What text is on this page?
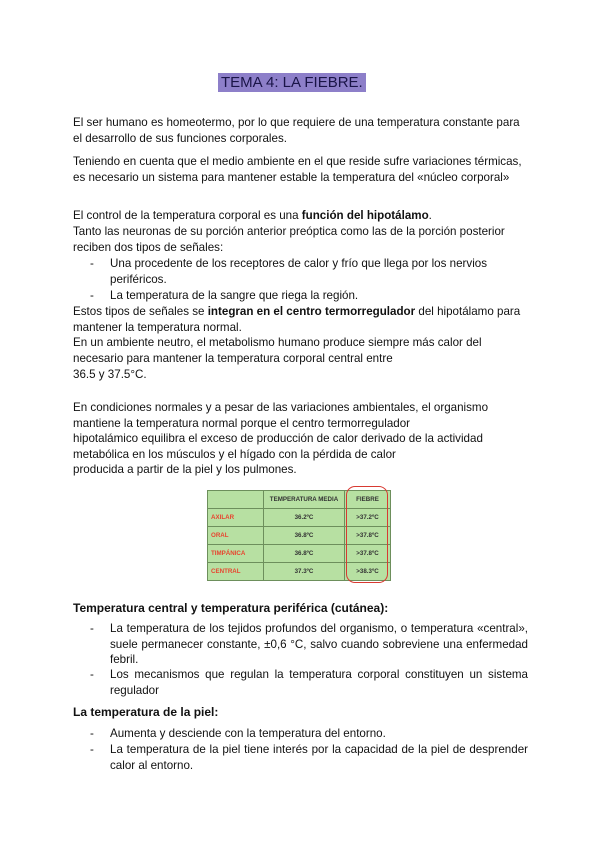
TEMA 4: LA FIEBRE.

El ser humano es homeotermo, por lo que requiere de una temperatura constante para el desarrollo de sus funciones corporales.

Teniendo en cuenta que el medio ambiente en el que reside sufre variaciones térmicas, es necesario un sistema para mantener estable la temperatura del «núcleo corporal»

El control de la temperatura corporal es una función del hipotálamo.

Tanto las neuronas de su porción anterior preóptica como las de la porción posterior reciben dos tipos de señales:

- Una procedente de los receptores de calor y frío que llega por los nervios periféricos.
- La temperatura de la sangre que riega la región.

Estos tipos de señales se integran en el centro termorregulador del hipotálamo para mantener la temperatura normal.

En un ambiente neutro, el metabolismo humano produce siempre más calor del necesario para mantener la temperatura corporal central entre

36.5 y 37.5°C.

En condiciones normales y a pesar de las variaciones ambientales, el organismo
mantiene la temperatura normal porque el centro termorregulador
hipotalámico equilibra el exceso de producción de calor derivado de la actividad
metabólica en los músculos y el hígado con la pérdida de calor
producida a partir de la piel y los pulmones.

	TEMPERATURA MEDIA	FIEBRE
AXILAR	36.2ºC	>37.2ºC
ORAL	36.8ºC	>37.8ºC
TIMPÁNICA	36.8ºC	>37.8ºC
CENTRAL	37.3ºC	>38.3ºC
Temperatura central y temperatura periférica (cutánea):
- La temperatura de los tejidos profundos del organismo, o temperatura «central», suele permanecer constante, ±0,6 °C, salvo cuando sobreviene una enfermedad febril.
- Los mecanismos que regulan la temperatura corporal constituyen un sistema regulador
La temperatura de la piel:
- Aumenta y desciende con la temperatura del entorno.
- La temperatura de la piel tiene interés por la capacidad de la piel de desprender calor al entorno.
